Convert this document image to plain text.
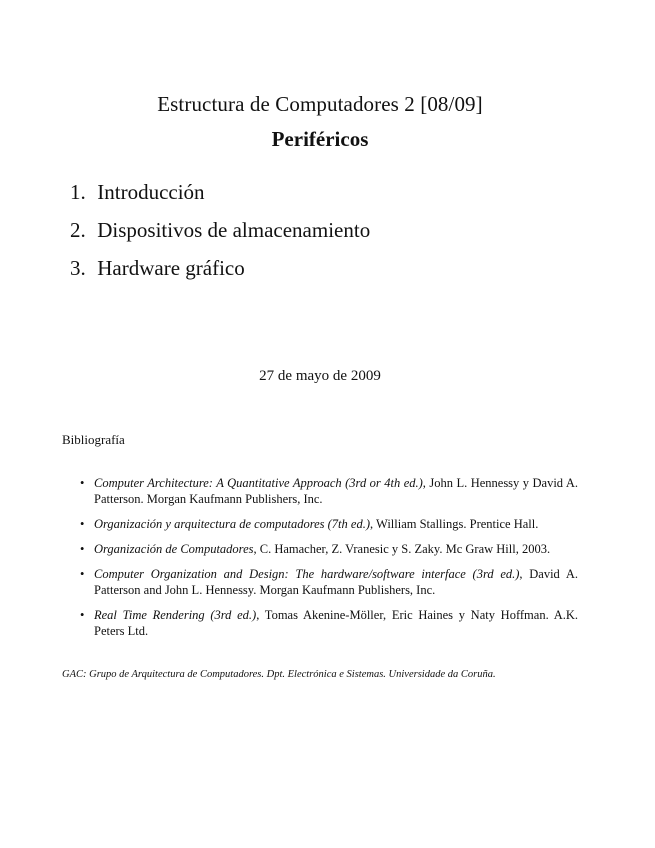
Estructura de Computadores 2 [08/09]
Periféricos
1. Introducción
2. Dispositivos de almacenamiento
3. Hardware gráfico
27 de mayo de 2009
Bibliografía
• Computer Architecture: A Quantitative Approach (3rd or 4th ed.), John L. Hennessy y David A. Patterson. Morgan Kaufmann Publishers, Inc.
• Organización y arquitectura de computadores (7th ed.), William Stallings. Prentice Hall.
• Organización de Computadores, C. Hamacher, Z. Vranesic y S. Zaky. Mc Graw Hill, 2003.
• Computer Organization and Design: The hardware/software interface (3rd ed.), David A. Patterson and John L. Hennessy. Morgan Kaufmann Publishers, Inc.
• Real Time Rendering (3rd ed.), Tomas Akenine-Möller, Eric Haines y Naty Hoffman. A.K. Peters Ltd.
GAC: Grupo de Arquitectura de Computadores. Dpt. Electrónica e Sistemas. Universidade da Coruña.
